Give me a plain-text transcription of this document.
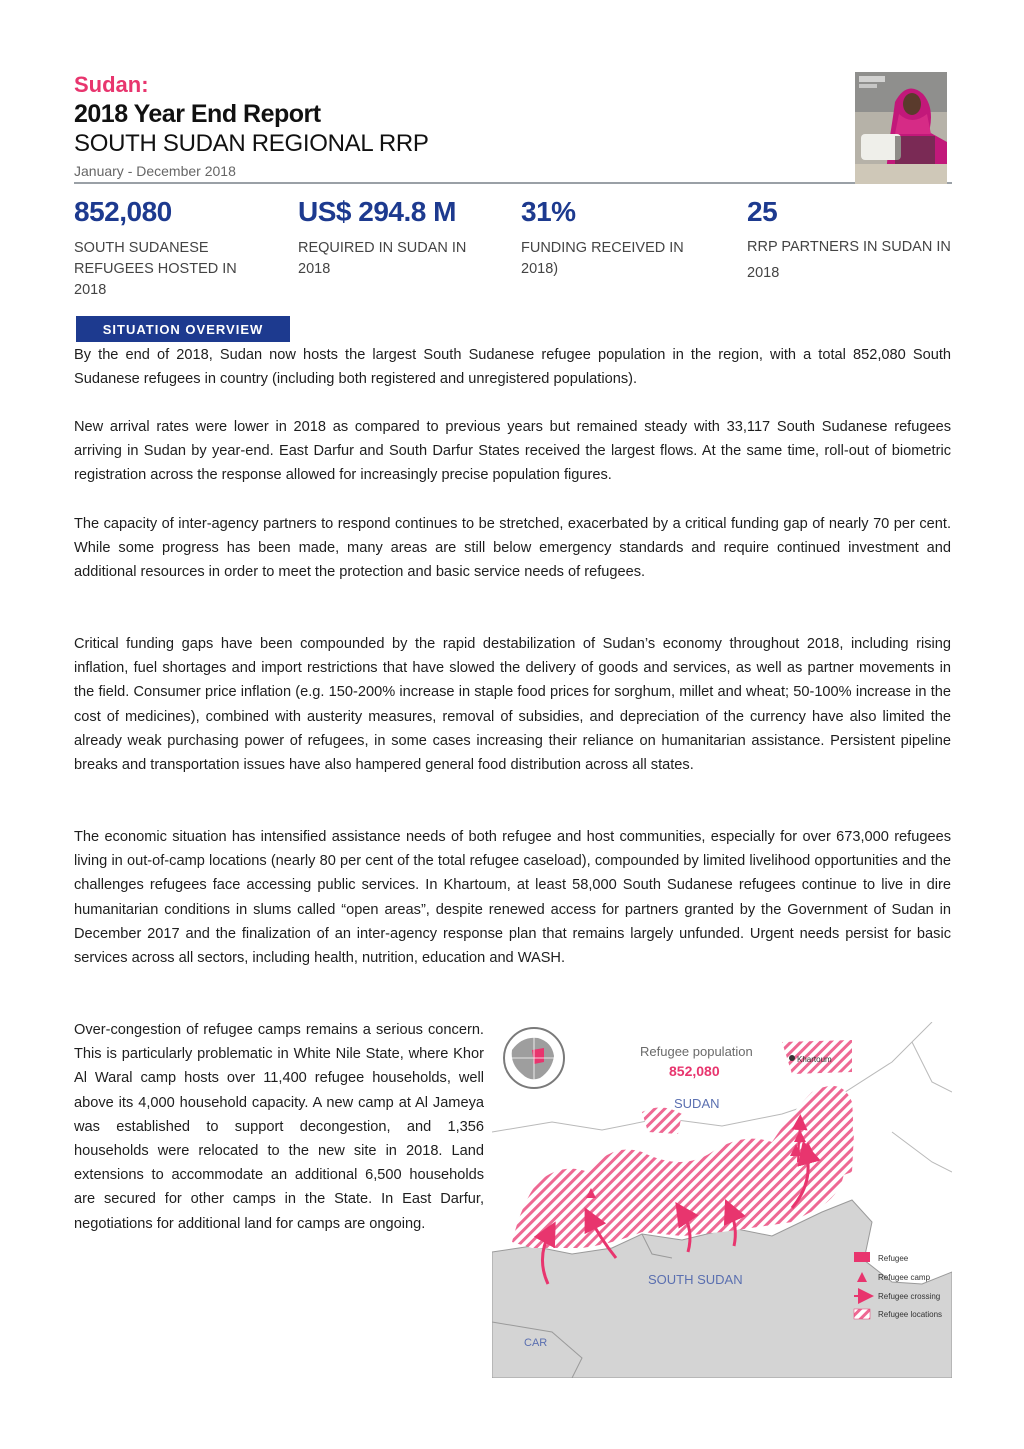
Sudan:
2018 Year End Report
SOUTH SUDAN REGIONAL RRP
January - December 2018
852,080
SOUTH SUDANESE REFUGEES HOSTED IN 2018
US$ 294.8 M
REQUIRED IN SUDAN IN 2018
31%
FUNDING RECEIVED IN 2018)
25
RRP PARTNERS IN SUDAN IN 2018
SITUATION OVERVIEW

By the end of 2018, Sudan now hosts the largest South Sudanese refugee population in the region, with a total 852,080 South Sudanese refugees in country (including both registered and unregistered populations).

New arrival rates were lower in 2018 as compared to previous years but remained steady with 33,117 South Sudanese refugees arriving in Sudan by year-end. East Darfur and South Darfur States received the largest flows. At the same time, roll-out of biometric registration across the response allowed for increasingly precise population figures.

The capacity of inter-agency partners to respond continues to be stretched, exacerbated by a critical funding gap of nearly 70 per cent. While some progress has been made, many areas are still below emergency standards and require continued investment and additional resources in order to meet the protection and basic service needs of refugees.

Critical funding gaps have been compounded by the rapid destabilization of Sudan’s economy throughout 2018, including rising inflation, fuel shortages and import restrictions that have slowed the delivery of goods and services, as well as partner movements in the field. Consumer price inflation (e.g. 150-200% increase in staple food prices for sorghum, millet and wheat; 50-100% increase in the cost of medicines), combined with austerity measures, removal of subsidies, and depreciation of the currency have also limited the already weak purchasing power of refugees, in some cases increasing their reliance on humanitarian assistance. Persistent pipeline breaks and transportation issues have also hampered general food distribution across all states.

The economic situation has intensified assistance needs of both refugee and host communities, especially for over 673,000 refugees living in out-of-camp locations (nearly 80 per cent of the total refugee caseload), compounded by limited livelihood opportunities and the challenges refugees face accessing public services. In Khartoum, at least 58,000 South Sudanese refugees continue to live in dire humanitarian conditions in slums called “open areas”, despite renewed access for partners granted by the Government of Sudan in December 2017 and the finalization of an inter-agency response plan that remains largely unfunded. Urgent needs persist for basic services across all sectors, including health, nutrition, education and WASH.

Over-congestion of refugee camps remains a serious concern. This is particularly problematic in White Nile State, where Khor Al Waral camp hosts over 11,400 refugee households, well above its 4,000 household capacity. A new camp at Al Jameya was established to support decongestion, and 1,356 households were relocated to the new site in 2018. Land extensions to accommodate an additional 6,500 households are secured for other camps in the State. In East Darfur, negotiations for additional land for camps are ongoing.

Refugee population
852,080
Khartoum
SUDAN
SOUTH SUDAN
CAR
Refugee
Refugee camp
Refugee crossing
Refugee locations
